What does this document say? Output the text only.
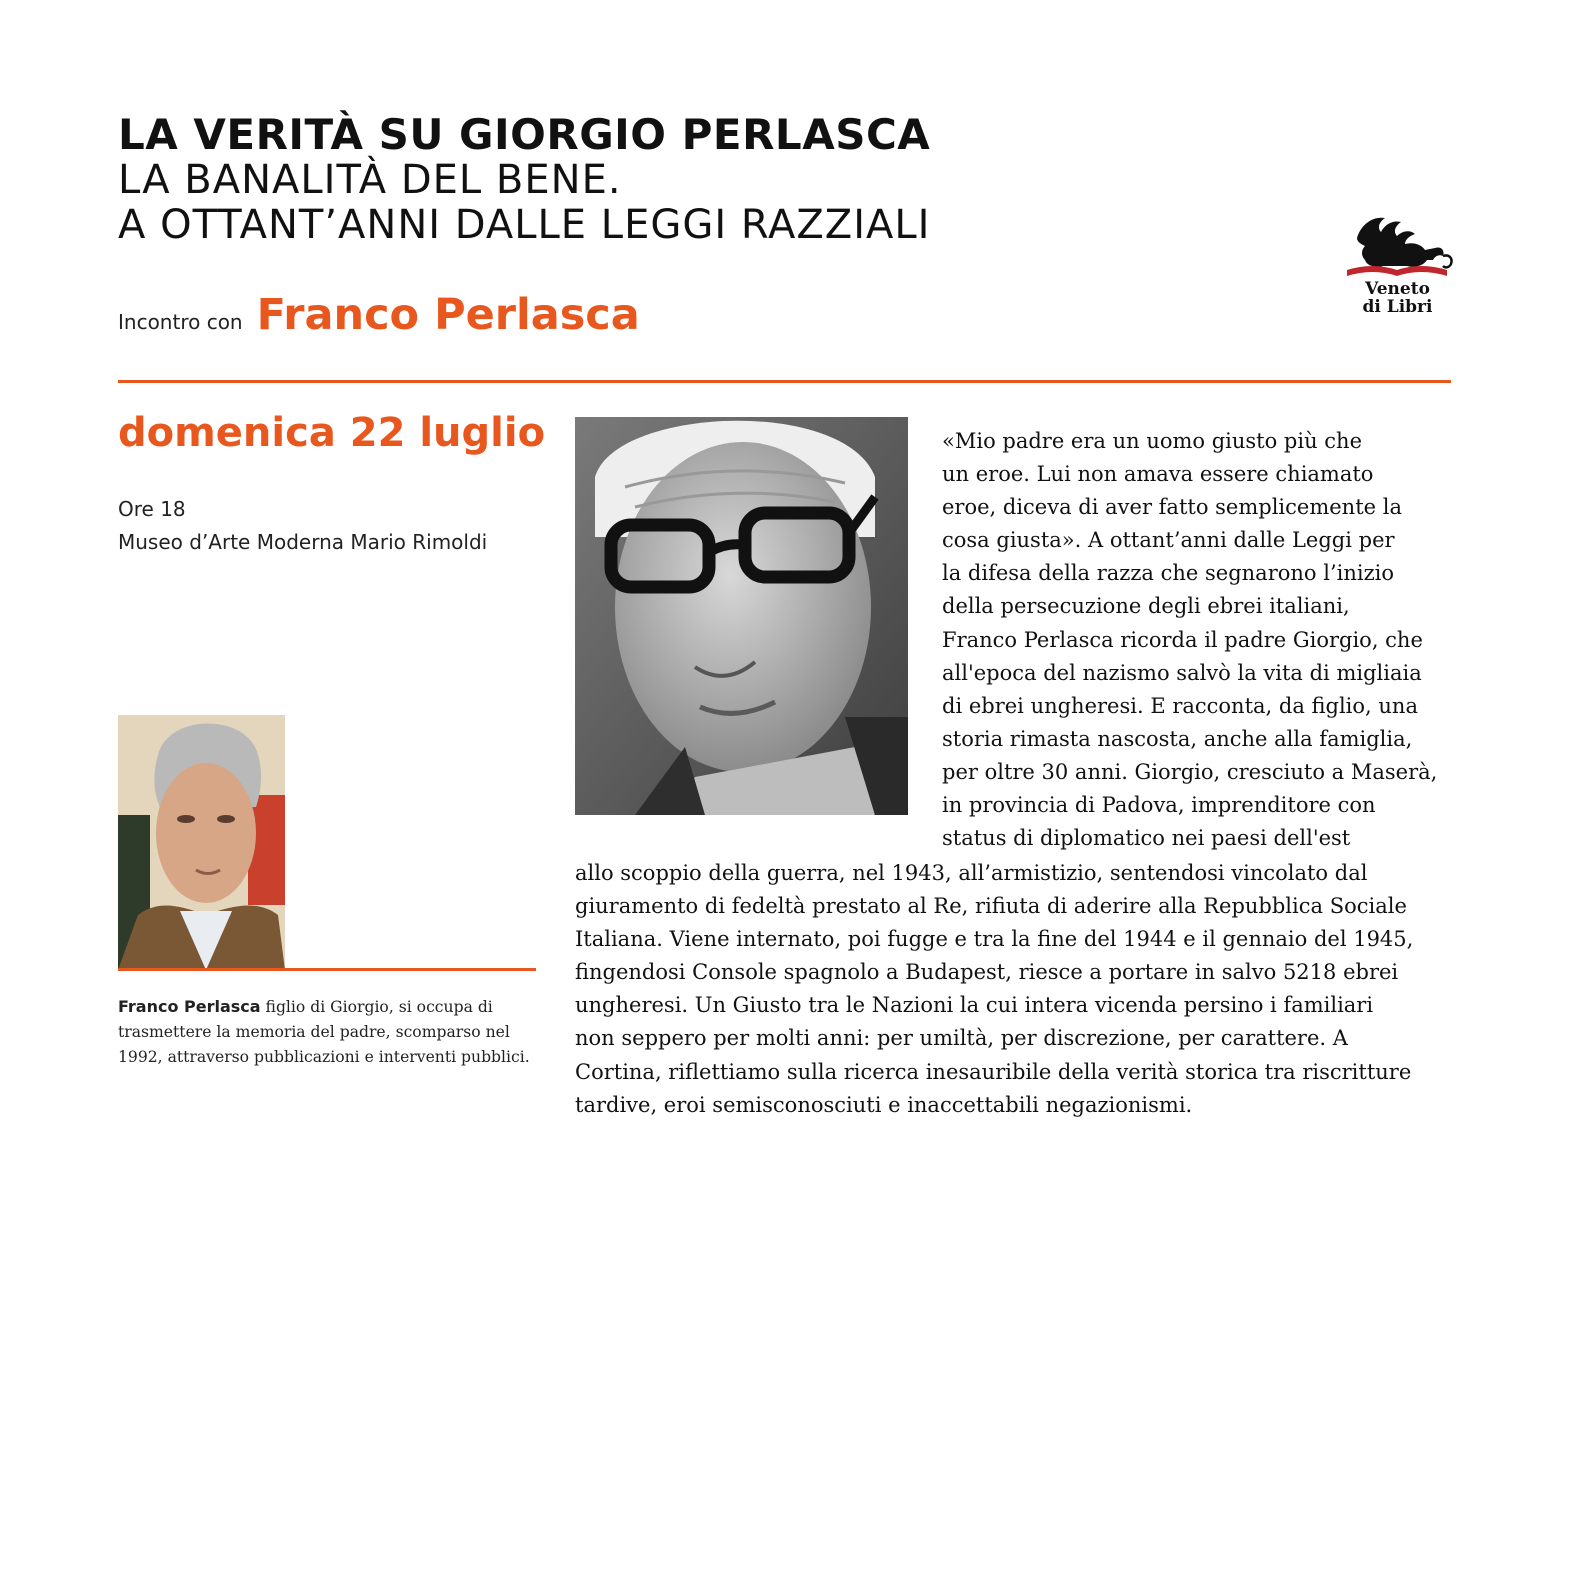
LA VERITÀ SU GIORGIO PERLASCA
LA BANALITÀ DEL BENE.
A OTTANT’ANNI DALLE LEGGI RAZZIALI
Incontro con Franco Perlasca
Veneto
di Libri
domenica 22 luglio
Ore 18
Museo d’Arte Moderna Mario Rimoldi

Franco Perlasca figlio di Giorgio, si occupa di trasmettere la memoria del padre, scomparso nel 1992, attraverso pubblicazioni e interventi pubblici.

«Mio padre era un uomo giusto più che
un eroe. Lui non amava essere chiamato
eroe, diceva di aver fatto semplicemente la
cosa giusta». A ottant’anni dalle Leggi per
la difesa della razza che segnarono l’inizio
della persecuzione degli ebrei italiani,
Franco Perlasca ricorda il padre Giorgio, che
all'epoca del nazismo salvò la vita di migliaia
di ebrei ungheresi. E racconta, da figlio, una
storia rimasta nascosta, anche alla famiglia,
per oltre 30 anni. Giorgio, cresciuto a Maserà,
in provincia di Padova, imprenditore con
status di diplomatico nei paesi dell'est

allo scoppio della guerra, nel 1943, all’armistizio, sentendosi vincolato dal
giuramento di fedeltà prestato al Re, rifiuta di aderire alla Repubblica Sociale
Italiana. Viene internato, poi fugge e tra la fine del 1944 e il gennaio del 1945,
fingendosi Console spagnolo a Budapest, riesce a portare in salvo 5218 ebrei
ungheresi. Un Giusto tra le Nazioni la cui intera vicenda persino i familiari
non seppero per molti anni: per umiltà, per discrezione, per carattere. A
Cortina, riflettiamo sulla ricerca inesauribile della verità storica tra riscritture
tardive, eroi semisconosciuti e inaccettabili negazionismi.
